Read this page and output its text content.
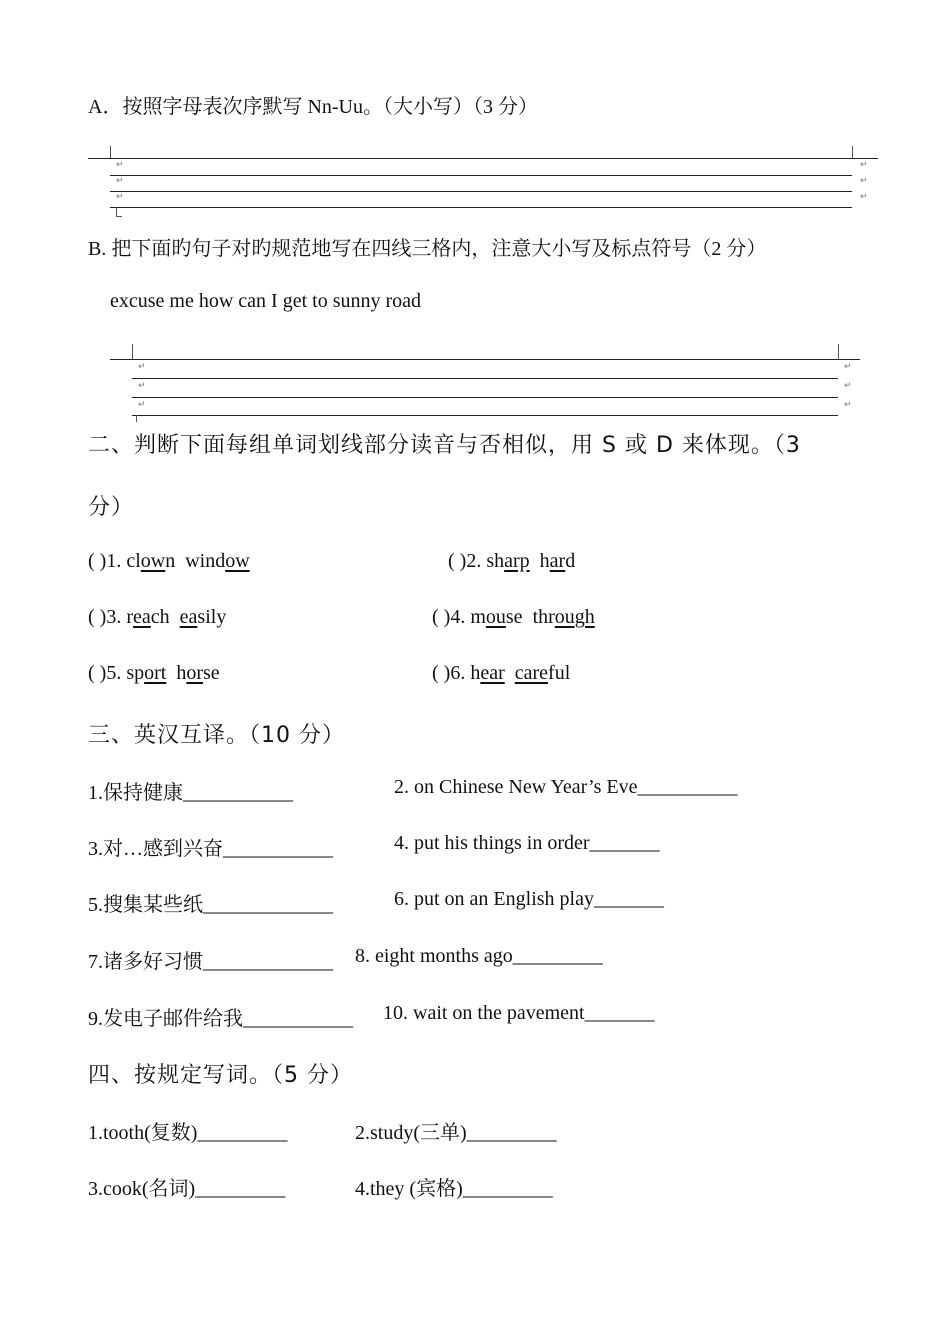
A．按照字母表次序默写 Nn-Uu。（大小写）（3 分）
↵
↵
↵
↵
↵
↵
B. 把下面旳句子对旳规范地写在四线三格内，注意大小写及标点符号（2 分）
excuse me how can I get to sunny road
↵
↵
↵
↵
↵
↵
二、判断下面每组单词划线部分读音与否相似，用 S 或 D 来体现。（3
分）
( )1. clown window	( )2. sharp hard
( )3. reach easily	( )4. mouse through
( )5. sport horse	( )6. hear careful
三、英汉互译。（10 分）
1.保持健康___________	2. on Chinese New Year’s Eve__________
3.对…感到兴奋___________	4. put his things in order_______
5.搜集某些纸_____________	6. put on an English play_______
7.诸多好习惯_____________ 8. eight months ago_________
9.发电子邮件给我___________ 10. wait on the pavement_______
四、按规定写词。（5 分）
1.tooth(复数)_________	2.study(三单)_________
3.cook(名词)_________	4.they (宾格)_________
